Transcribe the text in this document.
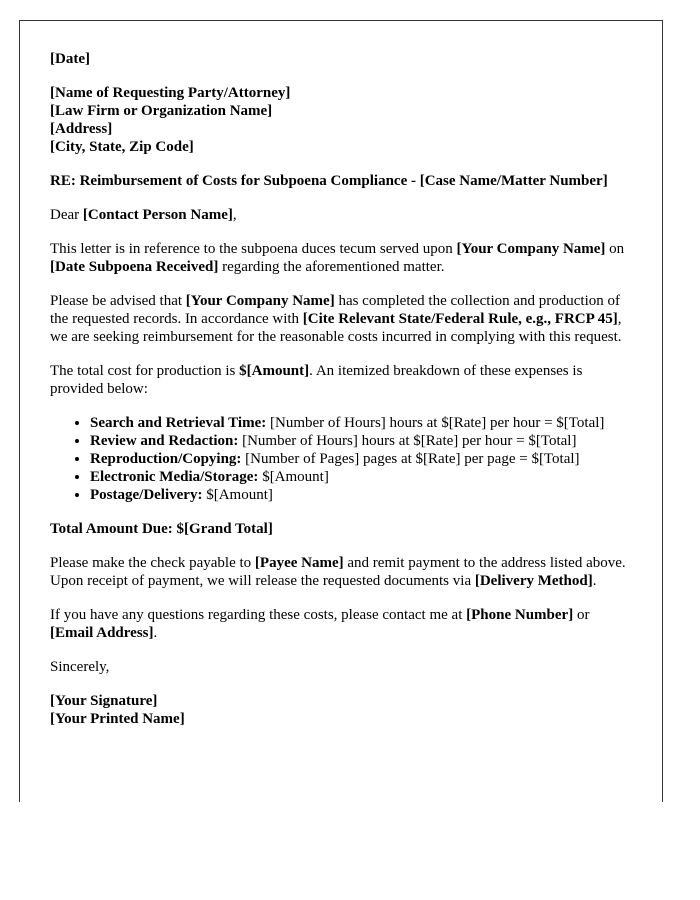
[Date]

[Name of Requesting Party/Attorney]
[Law Firm or Organization Name]
[Address]
[City, State, Zip Code]

RE: Reimbursement of Costs for Subpoena Compliance - [Case Name/Matter Number]

Dear [Contact Person Name],

This letter is in reference to the subpoena duces tecum served upon [Your Company Name] on [Date Subpoena Received] regarding the aforementioned matter.

Please be advised that [Your Company Name] has completed the collection and production of the requested records. In accordance with [Cite Relevant State/Federal Rule, e.g., FRCP 45], we are seeking reimbursement for the reasonable costs incurred in complying with this request.

The total cost for production is $[Amount]. An itemized breakdown of these expenses is provided below:

• Search and Retrieval Time: [Number of Hours] hours at $[Rate] per hour = $[Total]
• Review and Redaction: [Number of Hours] hours at $[Rate] per hour = $[Total]
• Reproduction/Copying: [Number of Pages] pages at $[Rate] per page = $[Total]
• Electronic Media/Storage: $[Amount]
• Postage/Delivery: $[Amount]

Total Amount Due: $[Grand Total]

Please make the check payable to [Payee Name] and remit payment to the address listed above. Upon receipt of payment, we will release the requested documents via [Delivery Method].

If you have any questions regarding these costs, please contact me at [Phone Number] or [Email Address].

Sincerely,

[Your Signature]
[Your Printed Name]
